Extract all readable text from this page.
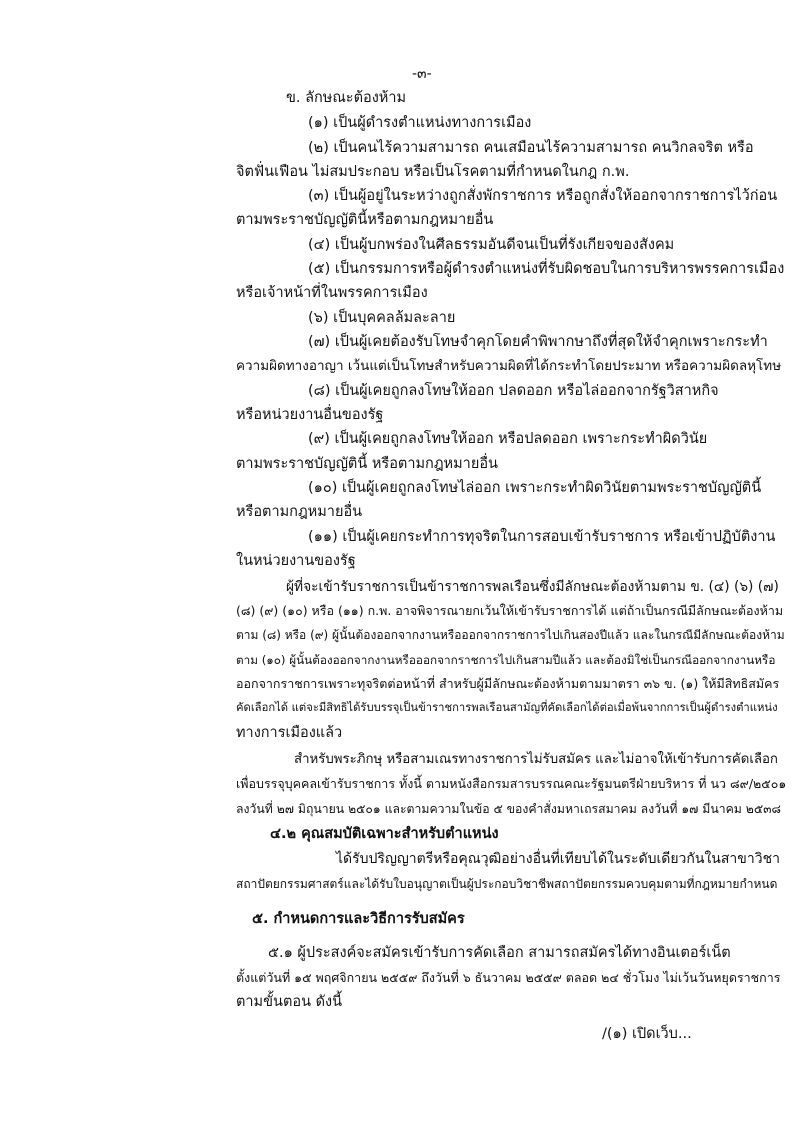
-๓-
ข. ลักษณะต้องห้าม
(๑) เป็นผู้ดำรงตำแหน่งทางการเมือง
(๒) เป็นคนไร้ความสามารถ คนเสมือนไร้ความสามารถ คนวิกลจริต หรือ
จิตฟั่นเฟือน ไม่สมประกอบ หรือเป็นโรคตามที่กำหนดในกฎ ก.พ.
(๓) เป็นผู้อยู่ในระหว่างถูกสั่งพักราชการ หรือถูกสั่งให้ออกจากราชการไว้ก่อน
ตามพระราชบัญญัตินี้หรือตามกฎหมายอื่น
(๔) เป็นผู้บกพร่องในศีลธรรมอันดีจนเป็นที่รังเกียจของสังคม
(๕) เป็นกรรมการหรือผู้ดำรงตำแหน่งที่รับผิดชอบในการบริหารพรรคการเมือง
หรือเจ้าหน้าที่ในพรรคการเมือง
(๖) เป็นบุคคลล้มละลาย
(๗) เป็นผู้เคยต้องรับโทษจำคุกโดยคำพิพากษาถึงที่สุดให้จำคุกเพราะกระทำ
ความผิดทางอาญา เว้นแต่เป็นโทษสำหรับความผิดที่ได้กระทำโดยประมาท หรือความผิดลหุโทษ
(๘) เป็นผู้เคยถูกลงโทษให้ออก ปลดออก หรือไล่ออกจากรัฐวิสาหกิจ
หรือหน่วยงานอื่นของรัฐ
(๙) เป็นผู้เคยถูกลงโทษให้ออก หรือปลดออก เพราะกระทำผิดวินัย
ตามพระราชบัญญัตินี้ หรือตามกฎหมายอื่น
(๑๐) เป็นผู้เคยถูกลงโทษไล่ออก เพราะกระทำผิดวินัยตามพระราชบัญญัตินี้
หรือตามกฎหมายอื่น
(๑๑) เป็นผู้เคยกระทำการทุจริตในการสอบเข้ารับราชการ หรือเข้าปฏิบัติงาน
ในหน่วยงานของรัฐ
ผู้ที่จะเข้ารับราชการเป็นข้าราชการพลเรือนซึ่งมีลักษณะต้องห้ามตาม ข. (๔) (๖) (๗)
(๘) (๙) (๑๐) หรือ (๑๑) ก.พ. อาจพิจารณายกเว้นให้เข้ารับราชการได้ แต่ถ้าเป็นกรณีมีลักษณะต้องห้าม
ตาม (๘) หรือ (๙) ผู้นั้นต้องออกจากงานหรือออกจากราชการไปเกินสองปีแล้ว และในกรณีมีลักษณะต้องห้าม
ตาม (๑๐) ผู้นั้นต้องออกจากงานหรือออกจากราชการไปเกินสามปีแล้ว และต้องมิใช่เป็นกรณีออกจากงานหรือ
ออกจากราชการเพราะทุจริตต่อหน้าที่ สำหรับผู้มีลักษณะต้องห้ามตามมาตรา ๓๖ ข. (๑) ให้มีสิทธิสมัคร
คัดเลือกได้ แต่จะมีสิทธิได้รับบรรจุเป็นข้าราชการพลเรือนสามัญที่คัดเลือกได้ต่อเมื่อพ้นจากการเป็นผู้ดำรงตำแหน่ง
ทางการเมืองแล้ว
สำหรับพระภิกษุ หรือสามเณรทางราชการไม่รับสมัคร และไม่อาจให้เข้ารับการคัดเลือก
เพื่อบรรจุบุคคลเข้ารับราชการ ทั้งนี้ ตามหนังสือกรมสารบรรณคณะรัฐมนตรีฝ่ายบริหาร ที่ นว ๘๙/๒๕๐๑
ลงวันที่ ๒๗ มิถุนายน ๒๕๐๑ และตามความในข้อ ๕ ของคำสั่งมหาเถรสมาคม ลงวันที่ ๑๗ มีนาคม ๒๕๓๘
๔.๒ คุณสมบัติเฉพาะสำหรับตำแหน่ง
ได้รับปริญญาตรีหรือคุณวุฒิอย่างอื่นที่เทียบได้ในระดับเดียวกันในสาขาวิชา
สถาปัตยกรรมศาสตร์และได้รับใบอนุญาตเป็นผู้ประกอบวิชาชีพสถาปัตยกรรมควบคุมตามที่กฎหมายกำหนด
๕. กำหนดการและวิธีการรับสมัคร
๕.๑ ผู้ประสงค์จะสมัครเข้ารับการคัดเลือก สามารถสมัครได้ทางอินเตอร์เน็ต
ตั้งแต่วันที่ ๑๕ พฤศจิกายน ๒๕๕๙ ถึงวันที่ ๖ ธันวาคม ๒๕๕๙ ตลอด ๒๔ ชั่วโมง ไม่เว้นวันหยุดราชการ
ตามขั้นตอน ดังนี้
/(๑) เปิดเว็บ...
